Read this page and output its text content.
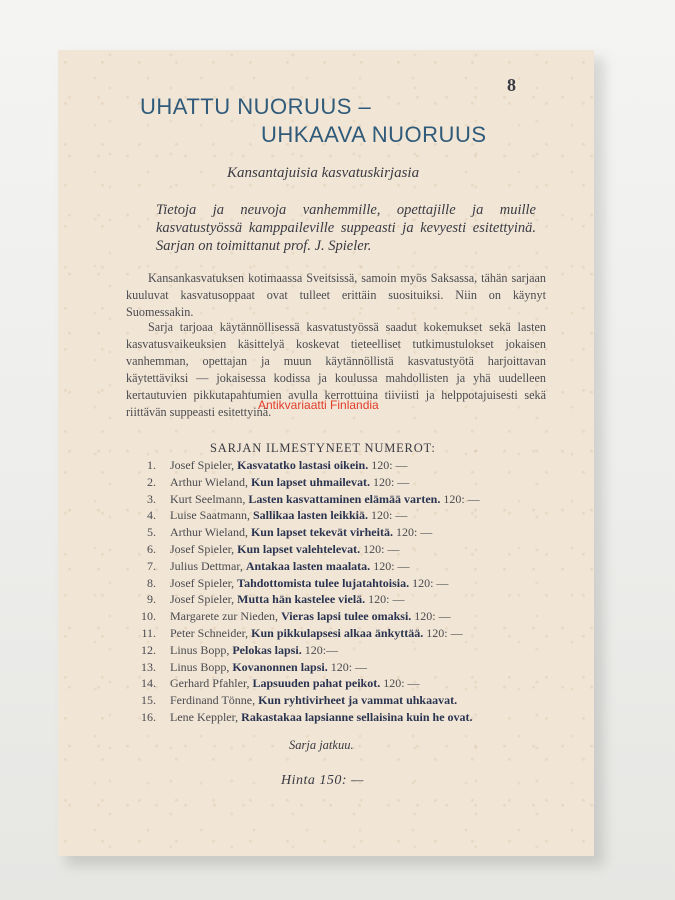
8
UHATTU NUORUUS –
UHKAAVA NUORUUS
Kansantajuisia kasvatuskirjasia
Tietoja ja neuvoja vanhemmille, opettajille ja muille kasvatustyössä kamppaileville suppeasti ja kevyesti esitettyinä. Sarjan on toimittanut prof. J. Spieler.
Kansankasvatuksen kotimaassa Sveitsissä, samoin myös Saksassa, tähän sarjaan kuuluvat kasvatusoppaat ovat tulleet erittäin suosituiksi. Niin on käynyt Suomessakin.
Sarja tarjoaa käytännöllisessä kasvatustyössä saadut kokemukset sekä lasten kasvatusvaikeuksien käsittelyä koskevat tieteelliset tutkimustulokset jokaisen vanhemman, opettajan ja muun käytännöllistä kasvatustyötä harjoittavan käytettäviksi — jokaisessa kodissa ja koulussa mahdollisten ja yhä uudelleen kertautuvien pikkutapahtumien avulla kerrottuina tiiviisti ja helppotajuisesti sekä riittävän suppeasti esitettyinä.
Antikvariaatti Finlandia
SARJAN ILMESTYNEET NUMEROT:
1. Josef Spieler, Kasvatatko lastasi oikein. 120: —
2. Arthur Wieland, Kun lapset uhmailevat. 120: —
3. Kurt Seelmann, Lasten kasvattaminen elämää varten. 120: —
4. Luise Saatmann, Sallikaa lasten leikkiä. 120: —
5. Arthur Wieland, Kun lapset tekevät virheitä. 120: —
6. Josef Spieler, Kun lapset valehtelevat. 120: —
7. Julius Dettmar, Antakaa lasten maalata. 120: —
8. Josef Spieler, Tahdottomista tulee lujatahtoisia. 120: —
9. Josef Spieler, Mutta hän kastelee vielä. 120: —
10. Margarete zur Nieden, Vieras lapsi tulee omaksi. 120: —
11. Peter Schneider, Kun pikkulapsesi alkaa änkyttää. 120: —
12. Linus Bopp, Pelokas lapsi. 120:—
13. Linus Bopp, Kovanonnen lapsi. 120: —
14. Gerhard Pfahler, Lapsuuden pahat peikot. 120: —
15. Ferdinand Tönne, Kun ryhtivirheet ja vammat uhkaavat.
16. Lene Keppler, Rakastakaa lapsianne sellaisina kuin he ovat.
Sarja jatkuu.
Hinta 150: —
